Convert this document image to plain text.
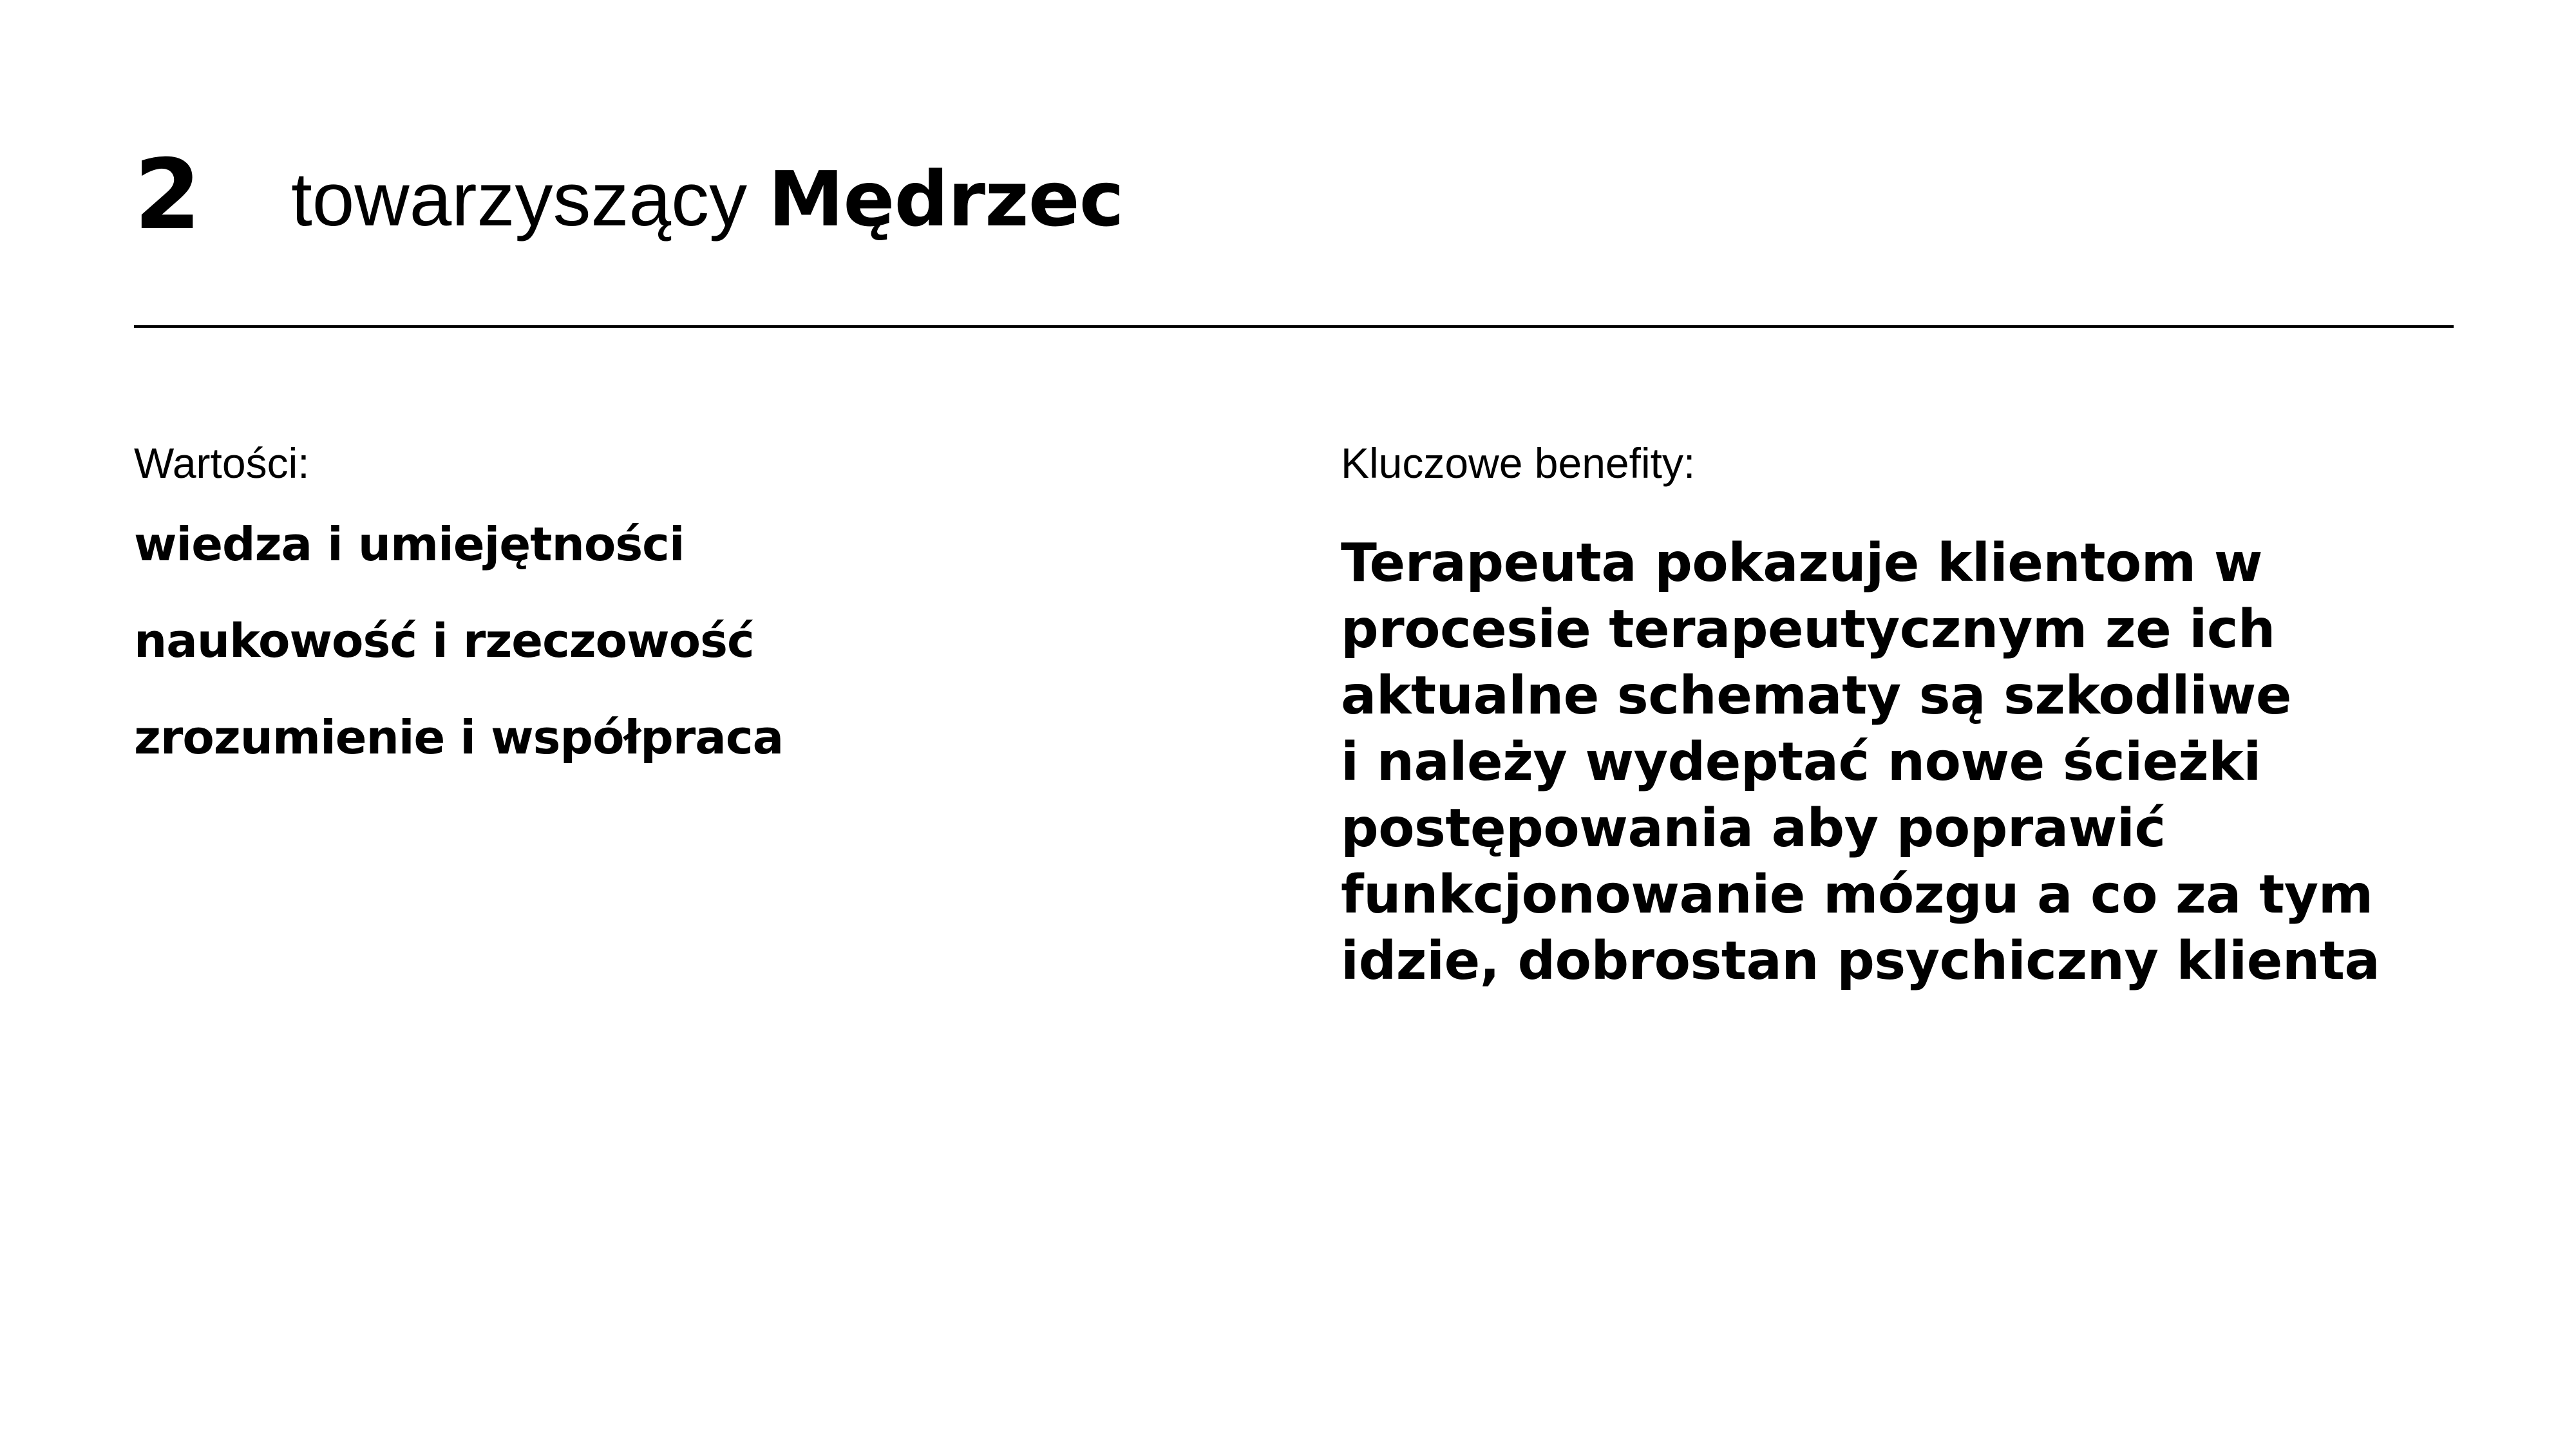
2 towarzyszący Mędrzec

Wartości:

wiedza i umiejętności
naukowość i rzeczowość
zrozumienie i współpraca

Kluczowe benefity:

Terapeuta pokazuje klientom w
procesie terapeutycznym ze ich
aktualne schematy są szkodliwe
i należy wydeptać nowe ścieżki
postępowania aby poprawić
funkcjonowanie mózgu a co za tym
idzie, dobrostan psychiczny klienta
